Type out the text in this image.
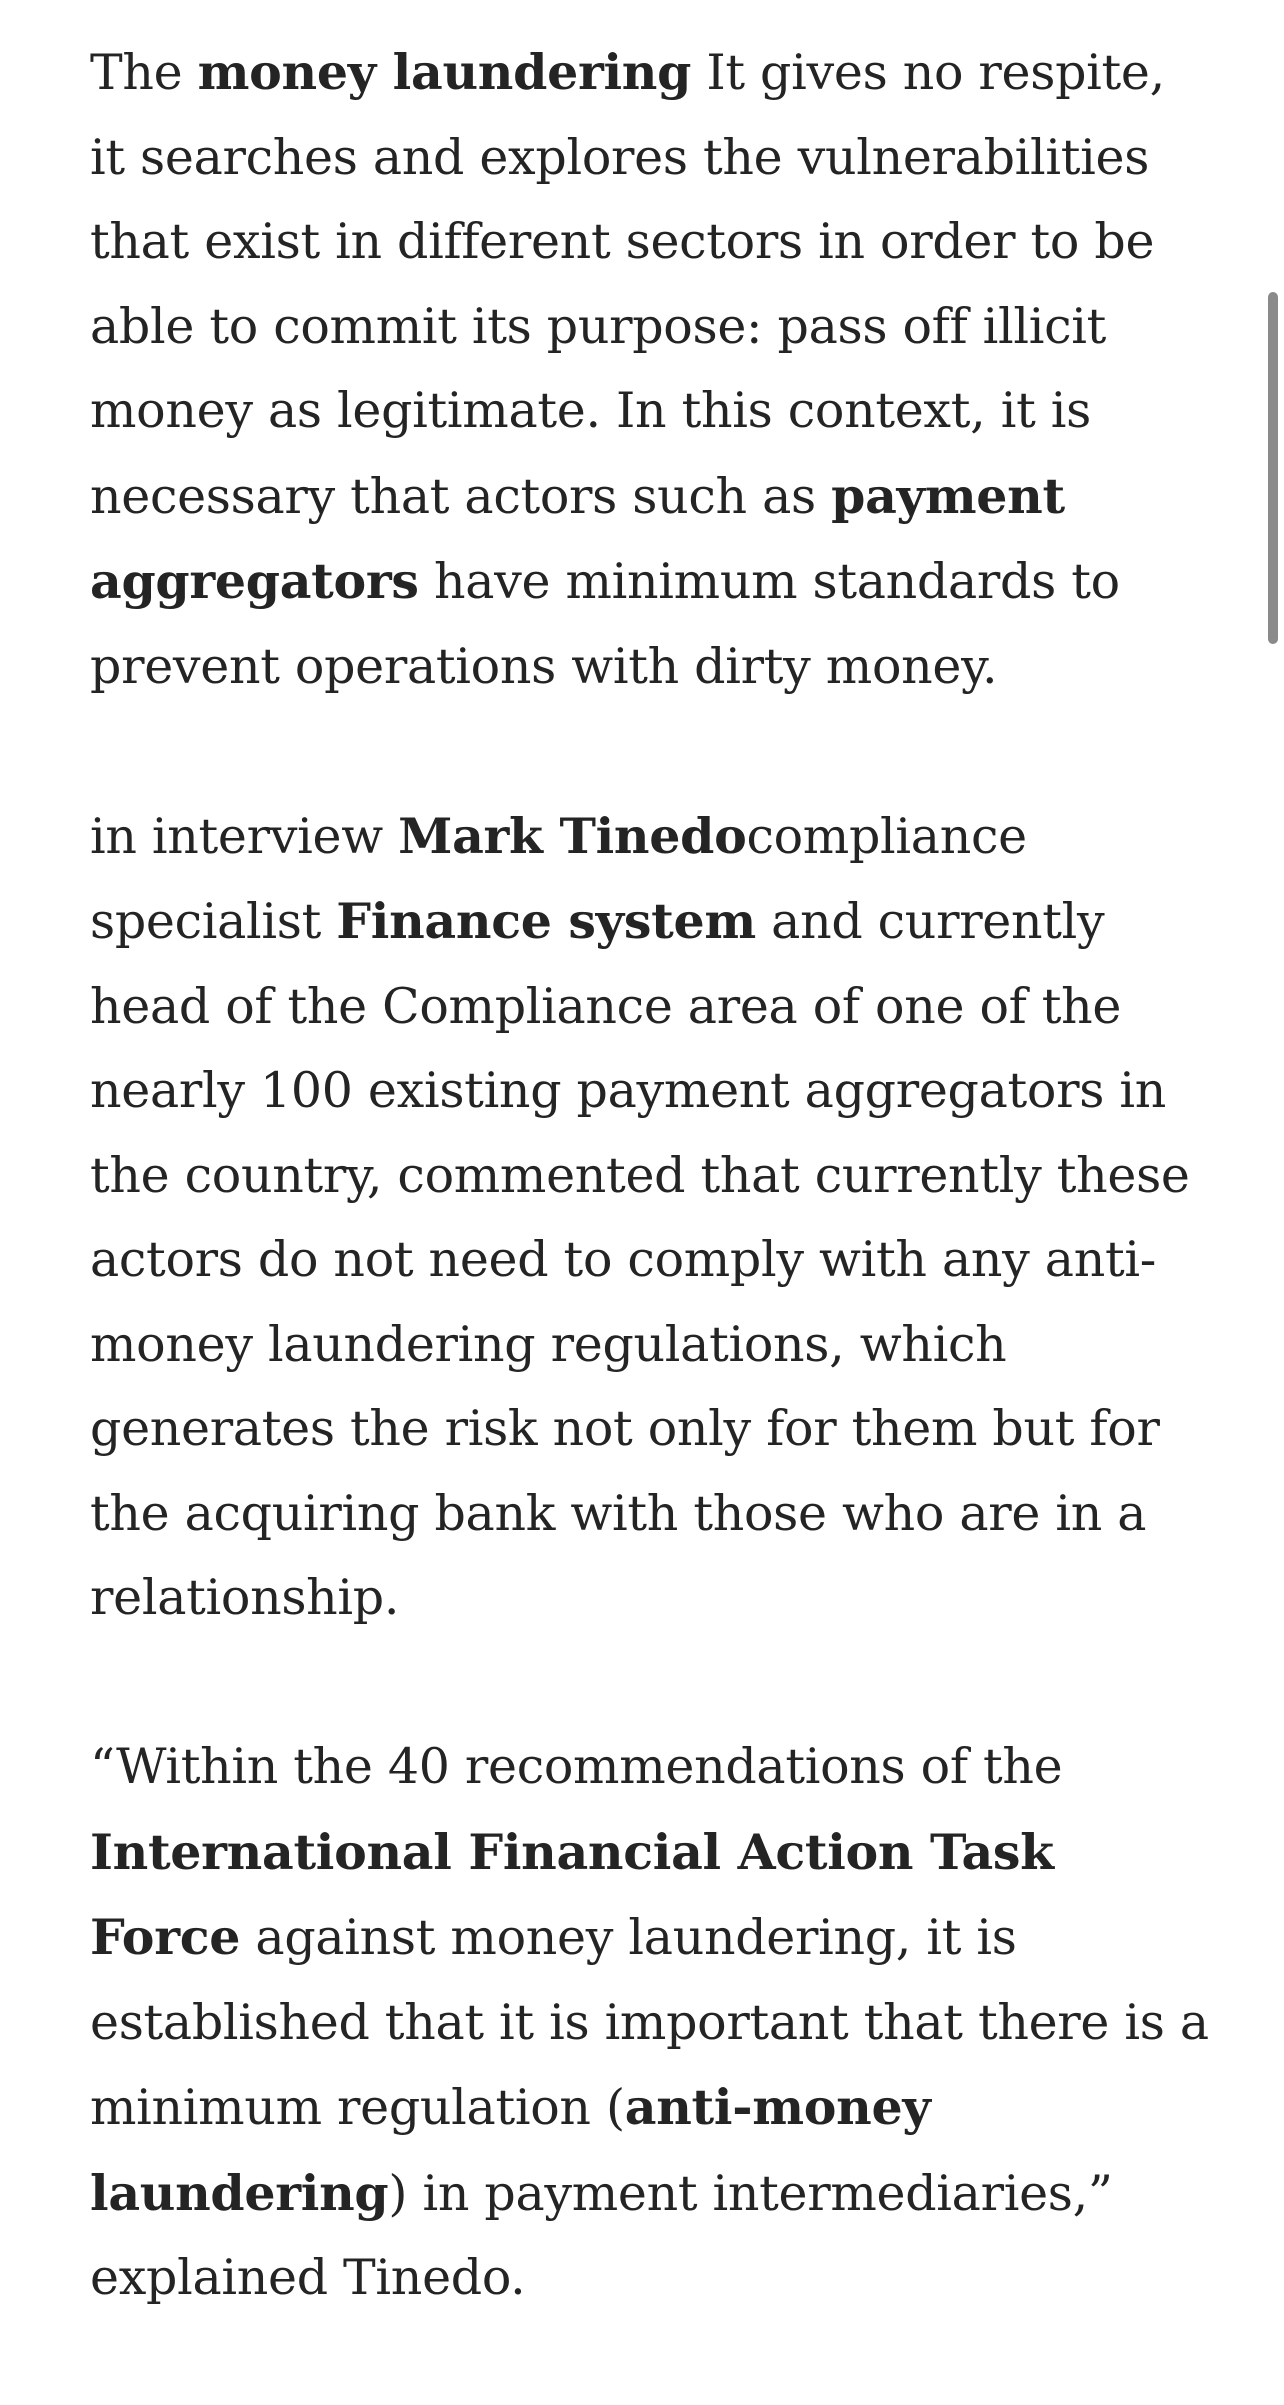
The money laundering It gives no respite, it searches and explores the vulnerabilities that exist in different sectors in order to be able to commit its purpose: pass off illicit money as legitimate. In this context, it is necessary that actors such as payment aggregators have minimum standards to prevent operations with dirty money.

in interview Mark Tinedocompliance specialist Finance system and currently head of the Compliance area of one of the nearly 100 existing payment aggregators in the country, commented that currently these actors do not need to comply with any anti-money laundering regulations, which generates the risk not only for them but for the acquiring bank with those who are in a relationship.

“Within the 40 recommendations of the International Financial Action Task Force against money laundering, it is established that it is important that there is a minimum regulation (anti-money laundering) in payment intermediaries,” explained Tinedo.
